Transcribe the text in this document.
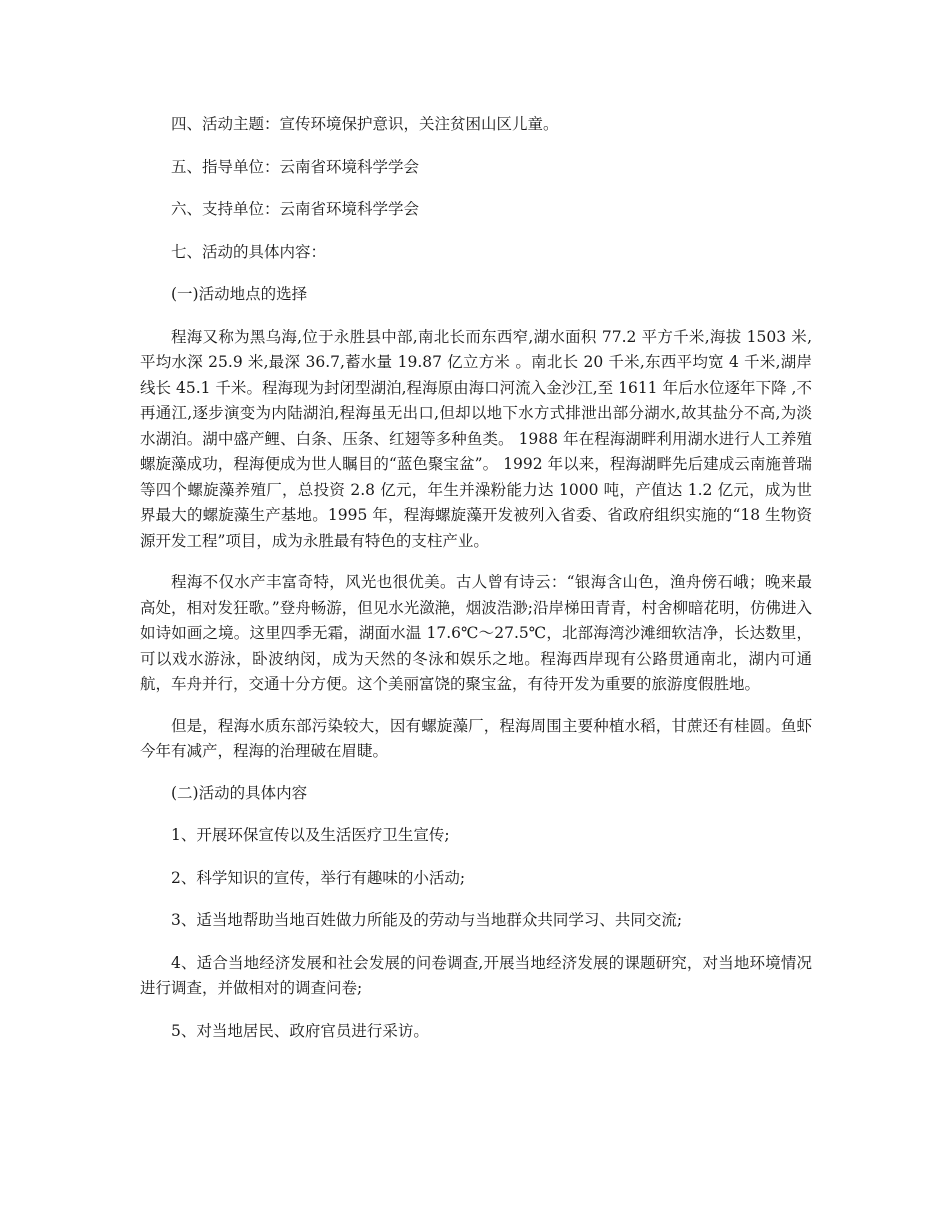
四、活动主题：宣传环境保护意识，关注贫困山区儿童。

五、指导单位：云南省环境科学学会

六、支持单位：云南省环境科学学会

七、活动的具体内容：

(一)活动地点的选择

程海又称为黑乌海,位于永胜县中部,南北长而东西窄,湖水面积 77.2 平方千米,海拔 1503 米,平均水深 25.9 米,最深 36.7,蓄水量 19.87 亿立方米 。南北长 20 千米,东西平均宽 4 千米,湖岸线长 45.1 千米。程海现为封闭型湖泊,程海原由海口河流入金沙江,至 1611 年后水位逐年下降 ,不再通江,逐步演变为内陆湖泊,程海虽无出口,但却以地下水方式排泄出部分湖水,故其盐分不高,为淡水湖泊。湖中盛产鲤、白条、压条、红翅等多种鱼类。 1988 年在程海湖畔利用湖水进行人工养殖螺旋藻成功，程海便成为世人瞩目的“蓝色聚宝盆”。 1992 年以来，程海湖畔先后建成云南施普瑞等四个螺旋藻养殖厂，总投资 2.8 亿元，年生并澡粉能力达 1000 吨，产值达 1.2 亿元，成为世界最大的螺旋藻生产基地。1995 年，程海螺旋藻开发被列入省委、省政府组织实施的“18 生物资源开发工程”项目，成为永胜最有特色的支柱产业。

程海不仅水产丰富奇特，风光也很优美。古人曾有诗云：“银海含山色，渔舟傍石峨；晚来最高处，相对发狂歌。”登舟畅游，但见水光潋滟，烟波浩渺;沿岸梯田青青，村舍柳暗花明，仿佛进入如诗如画之境。这里四季无霜，湖面水温 17.6℃～27.5℃，北部海湾沙滩细软洁净，长达数里，可以戏水游泳，卧波纳闵，成为天然的冬泳和娱乐之地。程海西岸现有公路贯通南北，湖内可通航，车舟并行，交通十分方便。这个美丽富饶的聚宝盆，有待开发为重要的旅游度假胜地。

但是，程海水质东部污染较大，因有螺旋藻厂，程海周围主要种植水稻，甘蔗还有桂圆。鱼虾今年有减产，程海的治理破在眉睫。

(二)活动的具体内容

1、开展环保宣传以及生活医疗卫生宣传;

2、科学知识的宣传，举行有趣味的小活动;

3、适当地帮助当地百姓做力所能及的劳动与当地群众共同学习、共同交流;

4、适合当地经济发展和社会发展的问卷调查,开展当地经济发展的课题研究，对当地环境情况进行调查，并做相对的调查问卷;

5、对当地居民、政府官员进行采访。
